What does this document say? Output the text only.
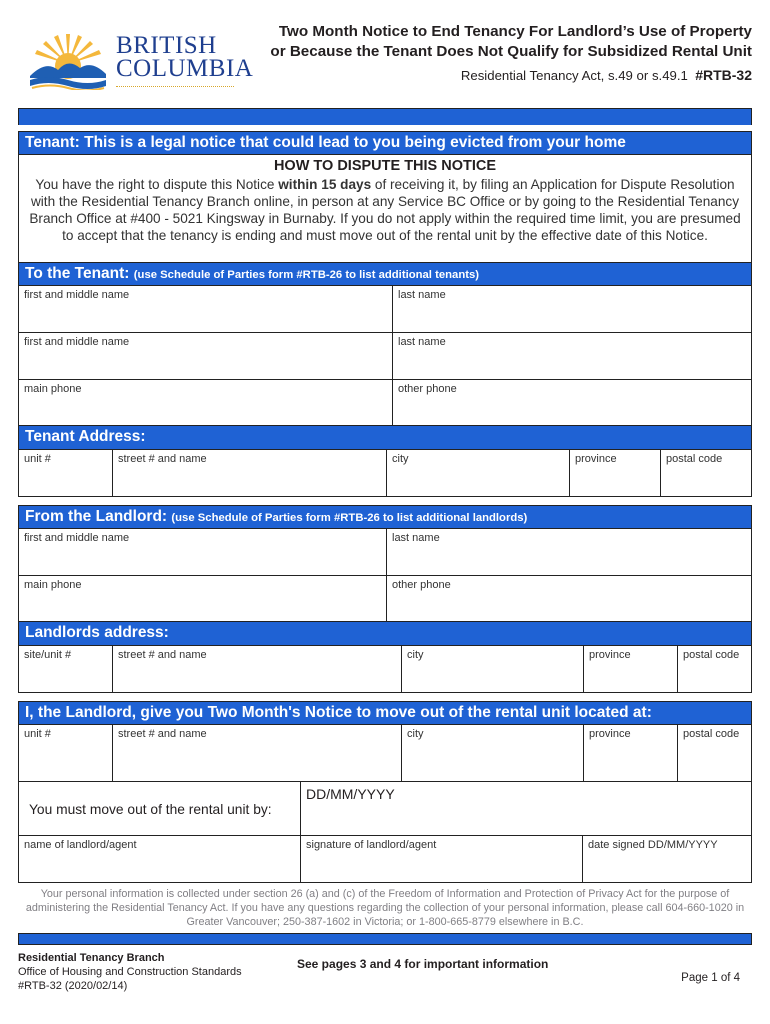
BRITISH
COLUMBIA
Two Month Notice to End Tenancy For Landlord’s Use of Property
or Because the Tenant Does Not Qualify for Subsidized Rental Unit
Residential Tenancy Act, s.49 or s.49.1 #RTB-32
Tenant: This is a legal notice that could lead to you being evicted from your home
HOW TO DISPUTE THIS NOTICE
You have the right to dispute this Notice within 15 days of receiving it, by filing an Application for Dispute Resolution with the Residential Tenancy Branch online, in person at any Service BC Office or by going to the Residential Tenancy Branch Office at #400 - 5021 Kingsway in Burnaby. If you do not apply within the required time limit, you are presumed to accept that the tenancy is ending and must move out of the rental unit by the effective date of this Notice.
To the Tenant: (use Schedule of Parties form #RTB-26 to list additional tenants)
first and middle name	last name
first and middle name	last name
main phone	other phone
Tenant Address:
unit #	street # and name	city	province	postal code
From the Landlord: (use Schedule of Parties form #RTB-26 to list additional landlords)
first and middle name	last name
main phone	other phone
Landlords address:
site/unit #	street # and name	city	province	postal code
I, the Landlord, give you Two Month's Notice to move out of the rental unit located at:
unit #	street # and name	city	province	postal code
You must move out of the rental unit by:
DD/MM/YYYY
name of landlord/agent	signature of landlord/agent	date signed DD/MM/YYYY
Your personal information is collected under section 26 (a) and (c) of the Freedom of Information and Protection of Privacy Act for the purpose of administering the Residential Tenancy Act. If you have any questions regarding the collection of your personal information, please call 604-660-1020 in Greater Vancouver; 250-387-1602 in Victoria; or 1-800-665-8779 elsewhere in B.C.
Residential Tenancy Branch
Office of Housing and Construction Standards
#RTB-32 (2020/02/14)
See pages 3 and 4 for important information
Page 1 of 4
